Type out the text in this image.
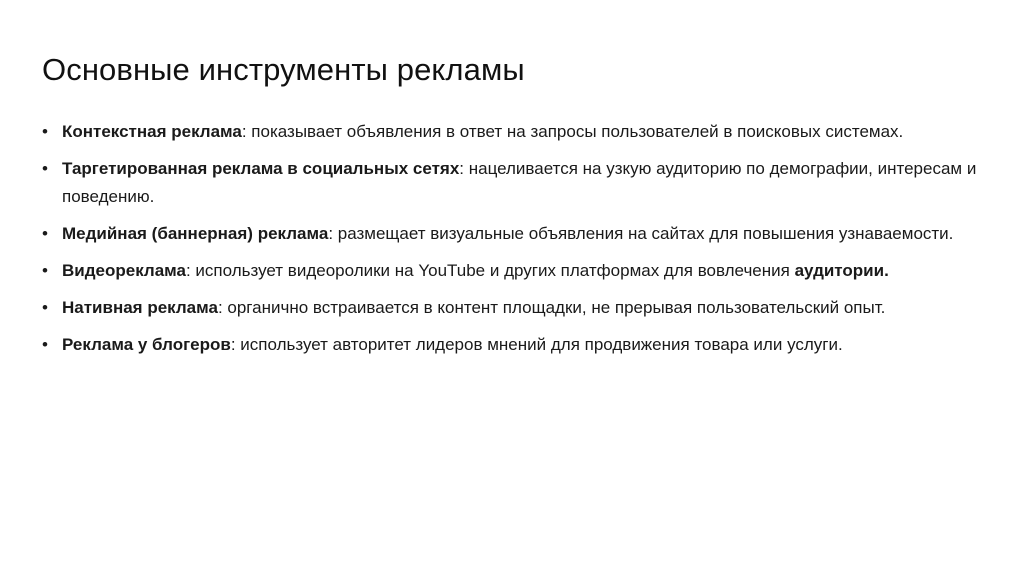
Основные инструменты рекламы
• Контекстная реклама: показывает объявления в ответ на запросы пользователей в поисковых системах.
• Таргетированная реклама в социальных сетях: нацеливается на узкую аудиторию по демографии, интересам и поведению.
• Медийная (баннерная) реклама: размещает визуальные объявления на сайтах для повышения узнаваемости.
• Видеореклама: использует видеоролики на YouTube и других платформах для вовлечения аудитории.
• Нативная реклама: органично встраивается в контент площадки, не прерывая пользовательский опыт.
• Реклама у блогеров: использует авторитет лидеров мнений для продвижения товара или услуги.
